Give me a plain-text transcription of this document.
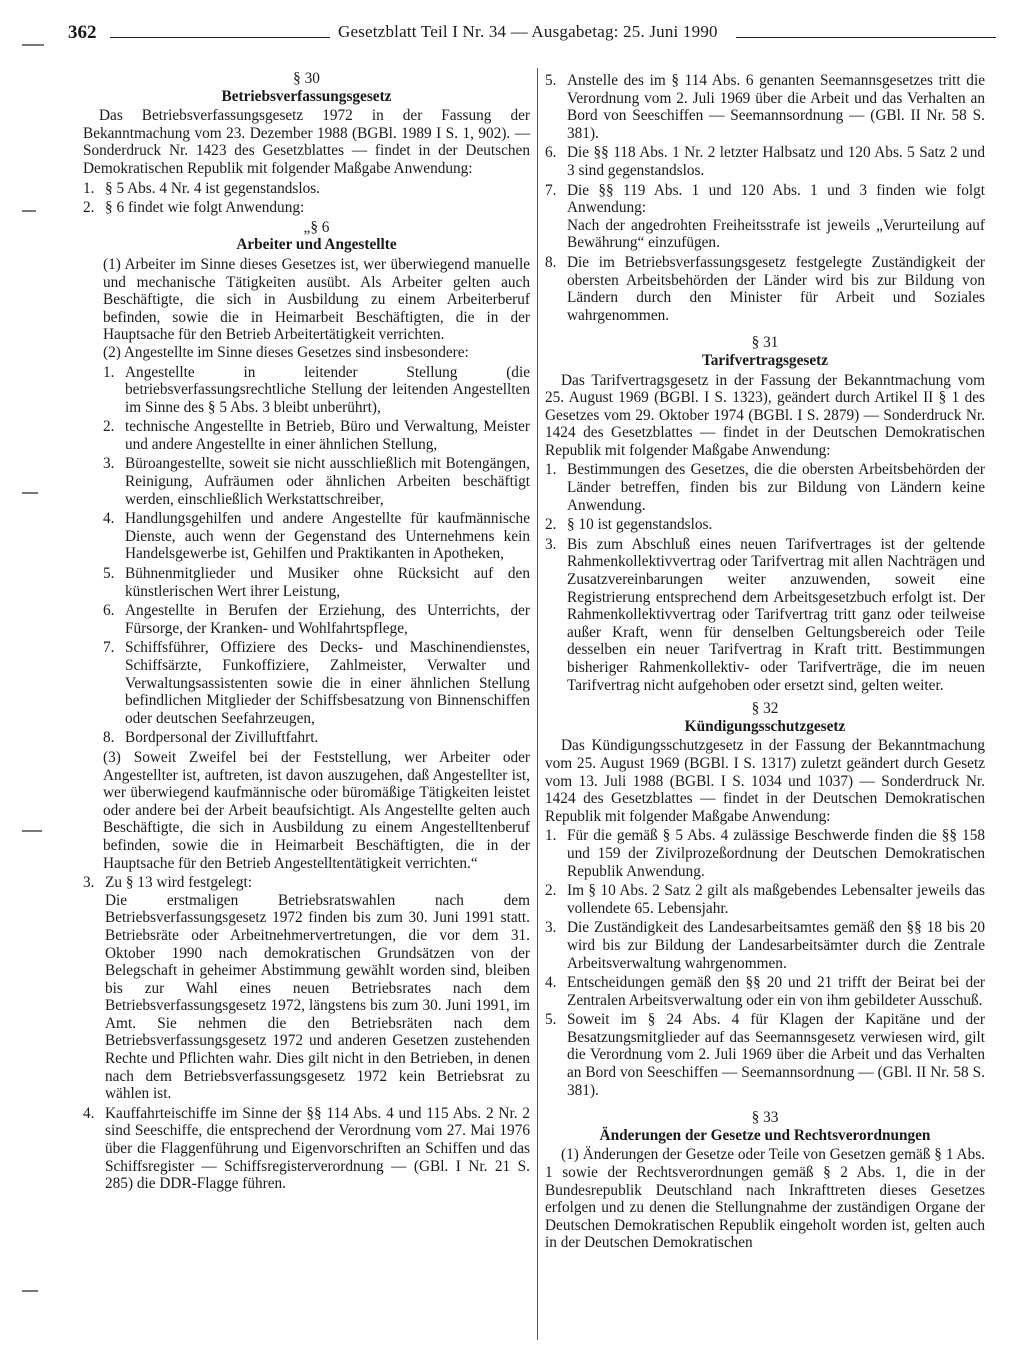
362	Gesetzblatt Teil I Nr. 34 — Ausgabetag: 25. Juni 1990

§ 30

Betriebsverfassungsgesetz

Das Betriebsverfassungsgesetz 1972 in der Fassung der Bekanntmachung vom 23. Dezember 1988 (BGBl. 1989 I S. 1, 902). — Sonderdruck Nr. 1423 des Gesetzblattes — findet in der Deutschen Demokratischen Republik mit folgender Maßgabe Anwendung:

1. § 5 Abs. 4 Nr. 4 ist gegenstandslos.
2. § 6 findet wie folgt Anwendung:

„§ 6

Arbeiter und Angestellte

(1) Arbeiter im Sinne dieses Gesetzes ist, wer überwiegend manuelle und mechanische Tätigkeiten ausübt. Als Arbeiter gelten auch Beschäftigte, die sich in Ausbildung zu einem Arbeiterberuf befinden, sowie die in Heimarbeit Beschäftigten, die in der Hauptsache für den Betrieb Arbeitertätigkeit verrichten.

(2) Angestellte im Sinne dieses Gesetzes sind insbesondere:

1. Angestellte in leitender Stellung (die betriebsverfassungsrechtliche Stellung der leitenden Angestellten im Sinne des § 5 Abs. 3 bleibt unberührt),
2. technische Angestellte in Betrieb, Büro und Verwaltung, Meister und andere Angestellte in einer ähnlichen Stellung,
3. Büroangestellte, soweit sie nicht ausschließlich mit Botengängen, Reinigung, Aufräumen oder ähnlichen Arbeiten beschäftigt werden, einschließlich Werkstattschreiber,
4. Handlungsgehilfen und andere Angestellte für kaufmännische Dienste, auch wenn der Gegenstand des Unternehmens kein Handelsgewerbe ist, Gehilfen und Praktikanten in Apotheken,
5. Bühnenmitglieder und Musiker ohne Rücksicht auf den künstlerischen Wert ihrer Leistung,
6. Angestellte in Berufen der Erziehung, des Unterrichts, der Fürsorge, der Kranken- und Wohlfahrtspflege,
7. Schiffsführer, Offiziere des Decks- und Maschinendienstes, Schiffsärzte, Funkoffiziere, Zahlmeister, Verwalter und Verwaltungsassistenten sowie die in einer ähnlichen Stellung befindlichen Mitglieder der Schiffsbesatzung von Binnenschiffen oder deutschen Seefahrzeugen,
8. Bordpersonal der Zivilluftfahrt.

(3) Soweit Zweifel bei der Feststellung, wer Arbeiter oder Angestellter ist, auftreten, ist davon auszugehen, daß Angestellter ist, wer überwiegend kaufmännische oder büromäßige Tätigkeiten leistet oder andere bei der Arbeit beaufsichtigt. Als Angestellte gelten auch Beschäftigte, die sich in Ausbildung zu einem Angestelltenberuf befinden, sowie die in Heimarbeit Beschäftigten, die in der Hauptsache für den Betrieb Angestelltentätigkeit verrichten.“

3. Zu § 13 wird festgelegt:
Die erstmaligen Betriebsratswahlen nach dem Betriebsverfassungsgesetz 1972 finden bis zum 30. Juni 1991 statt. Betriebsräte oder Arbeitnehmervertretungen, die vor dem 31. Oktober 1990 nach demokratischen Grundsätzen von der Belegschaft in geheimer Abstimmung gewählt worden sind, bleiben bis zur Wahl eines neuen Betriebsrates nach dem Betriebsverfassungsgesetz 1972, längstens bis zum 30. Juni 1991, im Amt. Sie nehmen die den Betriebsräten nach dem Betriebsverfassungsgesetz 1972 und anderen Gesetzen zustehenden Rechte und Pflichten wahr. Dies gilt nicht in den Betrieben, in denen nach dem Betriebsverfassungsgesetz 1972 kein Betriebsrat zu wählen ist.
4. Kauffahrteischiffe im Sinne der §§ 114 Abs. 4 und 115 Abs. 2 Nr. 2 sind Seeschiffe, die entsprechend der Verordnung vom 27. Mai 1976 über die Flaggenführung und Eigenvorschriften an Schiffen und das Schiffsregister — Schiffsregisterverordnung — (GBl. I Nr. 21 S. 285) die DDR-Flagge führen.
5. Anstelle des im § 114 Abs. 6 genanten Seemannsgesetzes tritt die Verordnung vom 2. Juli 1969 über die Arbeit und das Verhalten an Bord von Seeschiffen — Seemannsordnung — (GBl. II Nr. 58 S. 381).
6. Die §§ 118 Abs. 1 Nr. 2 letzter Halbsatz und 120 Abs. 5 Satz 2 und 3 sind gegenstandslos.
7. Die §§ 119 Abs. 1 und 120 Abs. 1 und 3 finden wie folgt Anwendung:
Nach der angedrohten Freiheitsstrafe ist jeweils „Verurteilung auf Bewährung“ einzufügen.
8. Die im Betriebsverfassungsgesetz festgelegte Zuständigkeit der obersten Arbeitsbehörden der Länder wird bis zur Bildung von Ländern durch den Minister für Arbeit und Soziales wahrgenommen.

§ 31

Tarifvertragsgesetz

Das Tarifvertragsgesetz in der Fassung der Bekanntmachung vom 25. August 1969 (BGBl. I S. 1323), geändert durch Artikel II § 1 des Gesetzes vom 29. Oktober 1974 (BGBl. I S. 2879) — Sonderdruck Nr. 1424 des Gesetzblattes — findet in der Deutschen Demokratischen Republik mit folgender Maßgabe Anwendung:

1. Bestimmungen des Gesetzes, die die obersten Arbeitsbehörden der Länder betreffen, finden bis zur Bildung von Ländern keine Anwendung.
2. § 10 ist gegenstandslos.
3. Bis zum Abschluß eines neuen Tarifvertrages ist der geltende Rahmenkollektivvertrag oder Tarifvertrag mit allen Nachträgen und Zusatzvereinbarungen weiter anzuwenden, soweit eine Registrierung entsprechend dem Arbeitsgesetzbuch erfolgt ist. Der Rahmenkollektivvertrag oder Tarifvertrag tritt ganz oder teilweise außer Kraft, wenn für denselben Geltungsbereich oder Teile desselben ein neuer Tarifvertrag in Kraft tritt. Bestimmungen bisheriger Rahmenkollektiv- oder Tarifverträge, die im neuen Tarifvertrag nicht aufgehoben oder ersetzt sind, gelten weiter.

§ 32

Kündigungsschutzgesetz

Das Kündigungsschutzgesetz in der Fassung der Bekanntmachung vom 25. August 1969 (BGBl. I S. 1317) zuletzt geändert durch Gesetz vom 13. Juli 1988 (BGBl. I S. 1034 und 1037) — Sonderdruck Nr. 1424 des Gesetzblattes — findet in der Deutschen Demokratischen Republik mit folgender Maßgabe Anwendung:

1. Für die gemäß § 5 Abs. 4 zulässige Beschwerde finden die §§ 158 und 159 der Zivilprozeßordnung der Deutschen Demokratischen Republik Anwendung.
2. Im § 10 Abs. 2 Satz 2 gilt als maßgebendes Lebensalter jeweils das vollendete 65. Lebensjahr.
3. Die Zuständigkeit des Landesarbeitsamtes gemäß den §§ 18 bis 20 wird bis zur Bildung der Landesarbeitsämter durch die Zentrale Arbeitsverwaltung wahrgenommen.
4. Entscheidungen gemäß den §§ 20 und 21 trifft der Beirat bei der Zentralen Arbeitsverwaltung oder ein von ihm gebildeter Ausschuß.
5. Soweit im § 24 Abs. 4 für Klagen der Kapitäne und der Besatzungsmitglieder auf das Seemannsgesetz verwiesen wird, gilt die Verordnung vom 2. Juli 1969 über die Arbeit und das Verhalten an Bord von Seeschiffen — Seemannsordnung — (GBl. II Nr. 58 S. 381).

§ 33

Änderungen der Gesetze und Rechtsverordnungen

(1) Änderungen der Gesetze oder Teile von Gesetzen gemäß § 1 Abs. 1 sowie der Rechtsverordnungen gemäß § 2 Abs. 1, die in der Bundesrepublik Deutschland nach Inkrafttreten dieses Gesetzes erfolgen und zu denen die Stellungnahme der zuständigen Organe der Deutschen Demokratischen Republik eingeholt worden ist, gelten auch in der Deutschen Demokratischen
